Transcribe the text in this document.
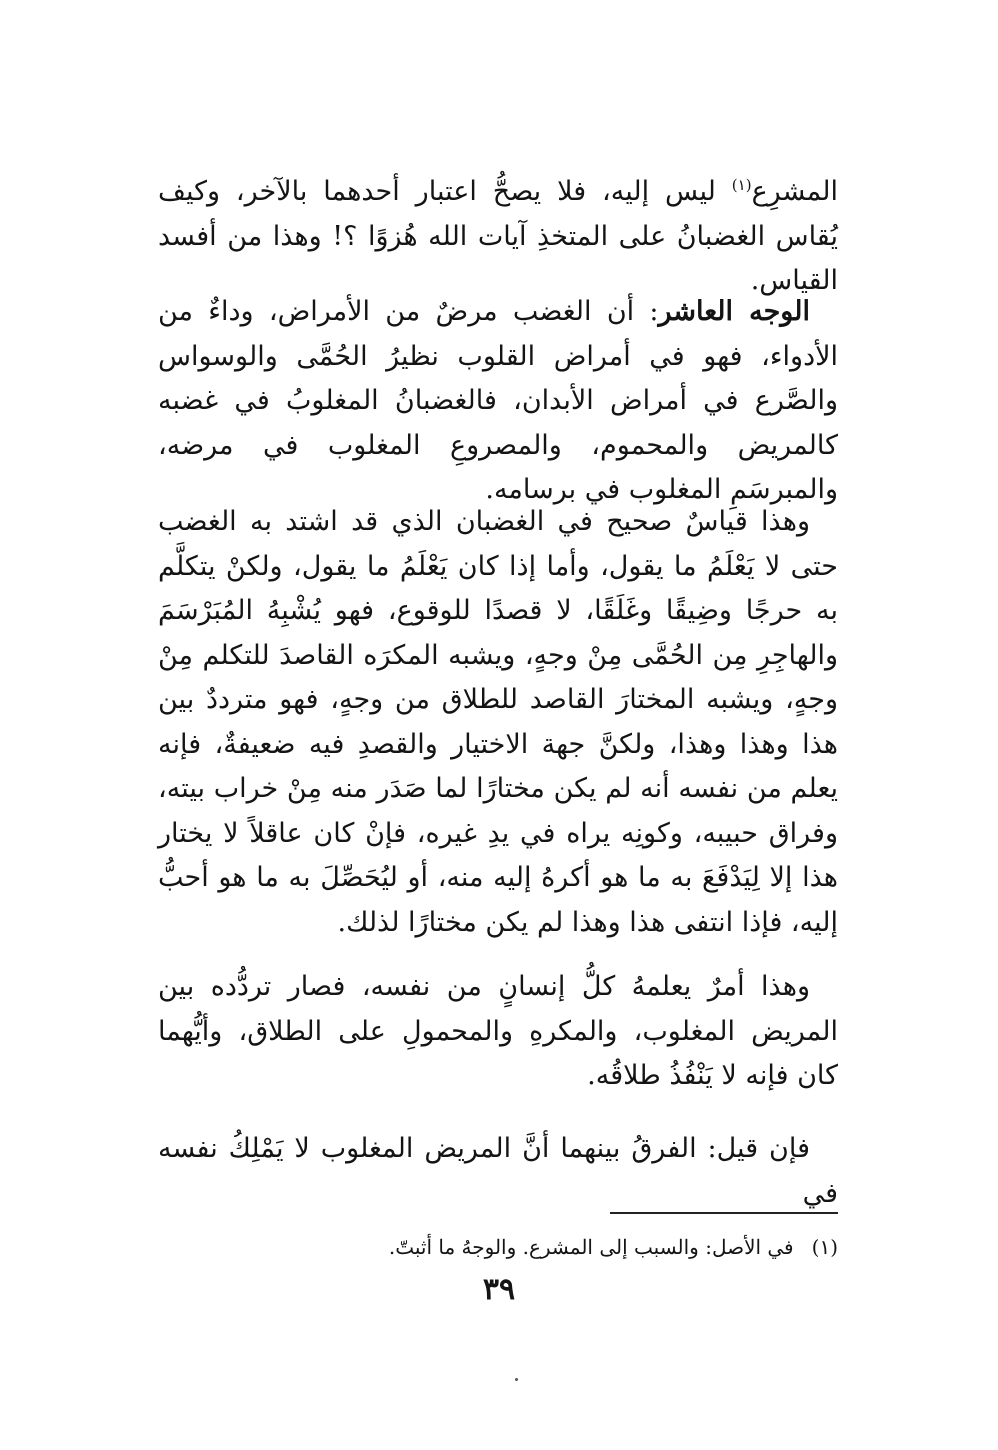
المشرِع$^{(١)}$ ليس إليه، فلا يصحُّ اعتبار أحدهما بالآخر، وكيف يُقاس الغضبانُ على المتخذِ آيات الله هُزوًا ؟! وهذا من أفسد القياس.

الوجه العاشر: أن الغضب مرضٌ من الأمراض، وداءٌ من الأدواء، فهو في أمراض القلوب نظيرُ الحُمَّى والوسواس والصَّرع في أمراض الأبدان، فالغضبانُ المغلوبُ في غضبه كالمريض والمحموم، والمصروعِ المغلوب في مرضه، والمبرسَمِ المغلوب في برسامه.

وهذا قياسٌ صحيح في الغضبان الذي قد اشتد به الغضب حتى لا يَعْلَمُ ما يقول، وأما إذا كان يَعْلَمُ ما يقول، ولكنْ يتكلَّم به حرجًا وضِيقًا وغَلَقًا، لا قصدًا للوقوع، فهو يُشْبِهُ المُبَرْسَمَ والهاجِرِ مِن الحُمَّى مِنْ وجهٍ، ويشبه المكرَه القاصدَ للتكلم مِنْ وجهٍ، ويشبه المختارَ القاصد للطلاق من وجهٍ، فهو مترددٌ بين هذا وهذا وهذا، ولكنَّ جهة الاختيار والقصدِ فيه ضعيفةٌ، فإنه يعلم من نفسه أنه لم يكن مختارًا لما صَدَر منه مِنْ خراب بيته، وفراق حبيبه، وكونِه يراه في يدِ غيره، فإنْ كان عاقلاً لا يختار هذا إلا لِيَدْفَعَ به ما هو أكرهُ إليه منه، أو ليُحَصِّلَ به ما هو أحبُّ إليه، فإذا انتفى هذا وهذا لم يكن مختارًا لذلك.

وهذا أمرٌ يعلمهُ كلُّ إنسانٍ من نفسه، فصار تردُّده بين المريض المغلوب، والمكرهِ والمحمولِ على الطلاق، وأيُّهما كان فإنه لا يَنْفُذُ طلاقُه.

فإن قيل: الفرقُ بينهما أنَّ المريض المغلوب لا يَمْلِكُ نفسه في

(١)في الأصل: والسبب إلى المشرع. والوجهُ ما أثبتّ.

٣٩
